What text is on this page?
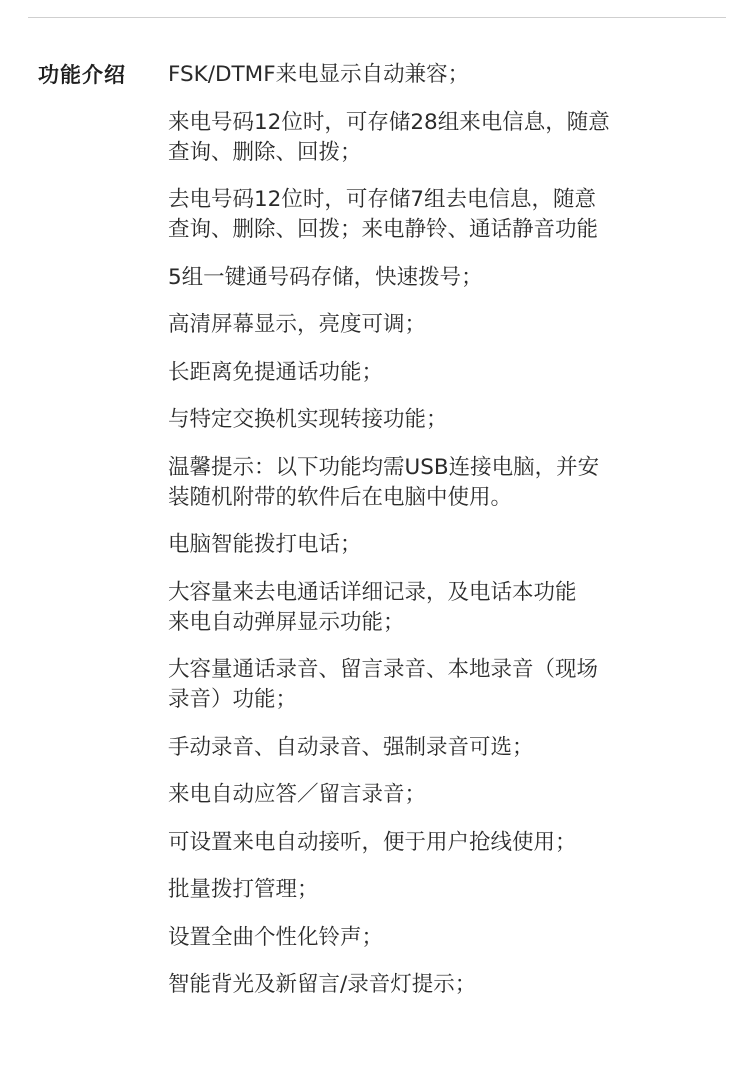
功能介绍 FSK/DTMF来电显示自动兼容；
来电号码12位时，可存储28组来电信息，随意
查询、删除、回拨；
去电号码12位时，可存储7组去电信息，随意
查询、删除、回拨；来电静铃、通话静音功能
5组一键通号码存储，快速拨号；
高清屏幕显示，亮度可调；
长距离免提通话功能；
与特定交换机实现转接功能；
温馨提示：以下功能均需USB连接电脑，并安
装随机附带的软件后在电脑中使用。
电脑智能拨打电话；
大容量来去电通话详细记录，及电话本功能
来电自动弹屏显示功能；
大容量通话录音、留言录音、本地录音（现场
录音）功能；
手动录音、自动录音、强制录音可选；
来电自动应答／留言录音；
可设置来电自动接听，便于用户抢线使用；
批量拨打管理；
设置全曲个性化铃声；
智能背光及新留言/录音灯提示；
